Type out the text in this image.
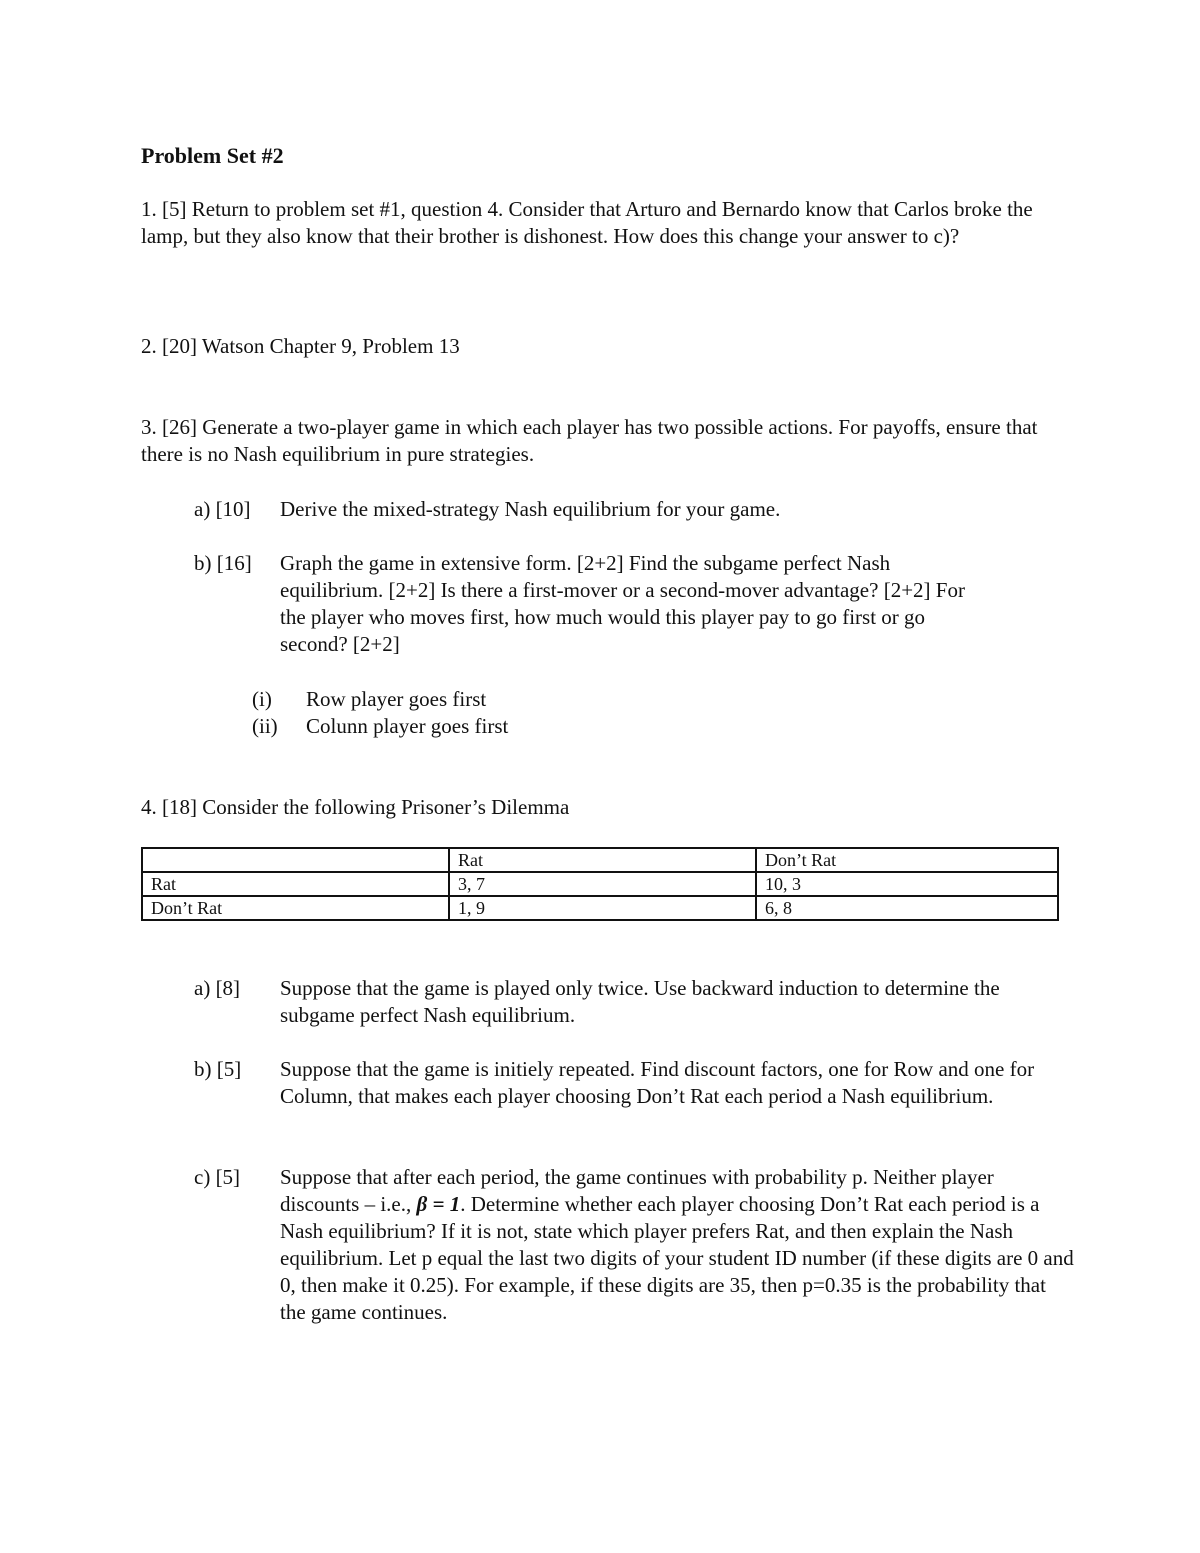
Problem Set #2
1. [5] Return to problem set #1, question 4. Consider that Arturo and Bernardo know that Carlos broke the lamp, but they also know that their brother is dishonest. How does this change your answer to c)?
2. [20] Watson Chapter 9, Problem 13
3. [26] Generate a two-player game in which each player has two possible actions. For payoffs, ensure that there is no Nash equilibrium in pure strategies.
a) [10]	Derive the mixed-strategy Nash equilibrium for your game.
b) [16]	Graph the game in extensive form. [2+2] Find the subgame perfect Nash equilibrium. [2+2] Is there a first-mover or a second-mover advantage? [2+2] For the player who moves first, how much would this player pay to go first or go second? [2+2]
(i)	Row player goes first
(ii)	Colunn player goes first
4. [18] Consider the following Prisoner’s Dilemma
	Rat	Don’t Rat
Rat	3, 7	10, 3
Don’t Rat	1, 9	6, 8
a) [8]	Suppose that the game is played only twice. Use backward induction to determine the subgame perfect Nash equilibrium.
b) [5]	Suppose that the game is initiely repeated. Find discount factors, one for Row and one for Column, that makes each player choosing Don’t Rat each period a Nash equilibrium.
c) [5]	Suppose that after each period, the game continues with probability p. Neither player discounts – i.e., β = 1. Determine whether each player choosing Don’t Rat each period is a Nash equilibrium? If it is not, state which player prefers Rat, and then explain the Nash equilibrium. Let p equal the last two digits of your student ID number (if these digits are 0 and 0, then make it 0.25). For example, if these digits are 35, then p=0.35 is the probability that the game continues.
